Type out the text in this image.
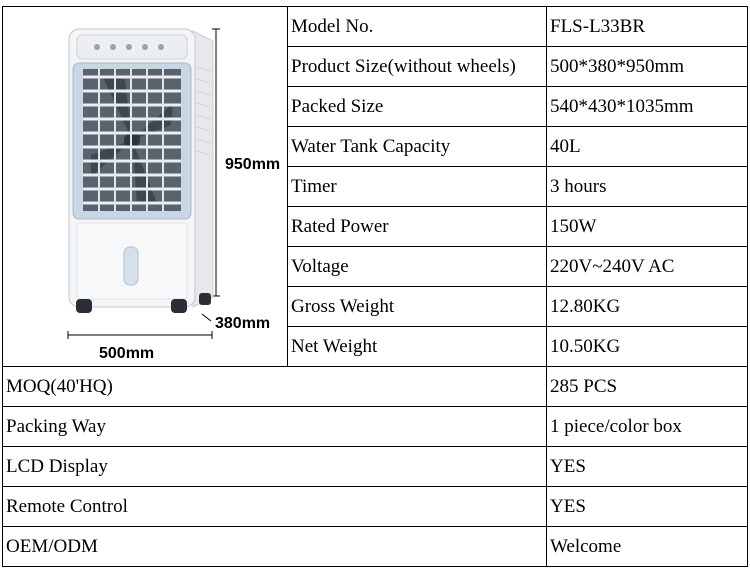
950mm
380mm
500mm	Model No.	FLS-L33BR
	Product Size(without wheels)	500*380*950mm
	Packed Size	540*430*1035mm
	Water Tank Capacity	40L
	Timer	3 hours
	Rated Power	150W
	Voltage	220V~240V AC
	Gross Weight	12.80KG
	Net Weight	10.50KG
MOQ(40'HQ)		285 PCS
Packing Way		1 piece/color box
LCD Display		YES
Remote Control		YES
OEM/ODM		Welcome
